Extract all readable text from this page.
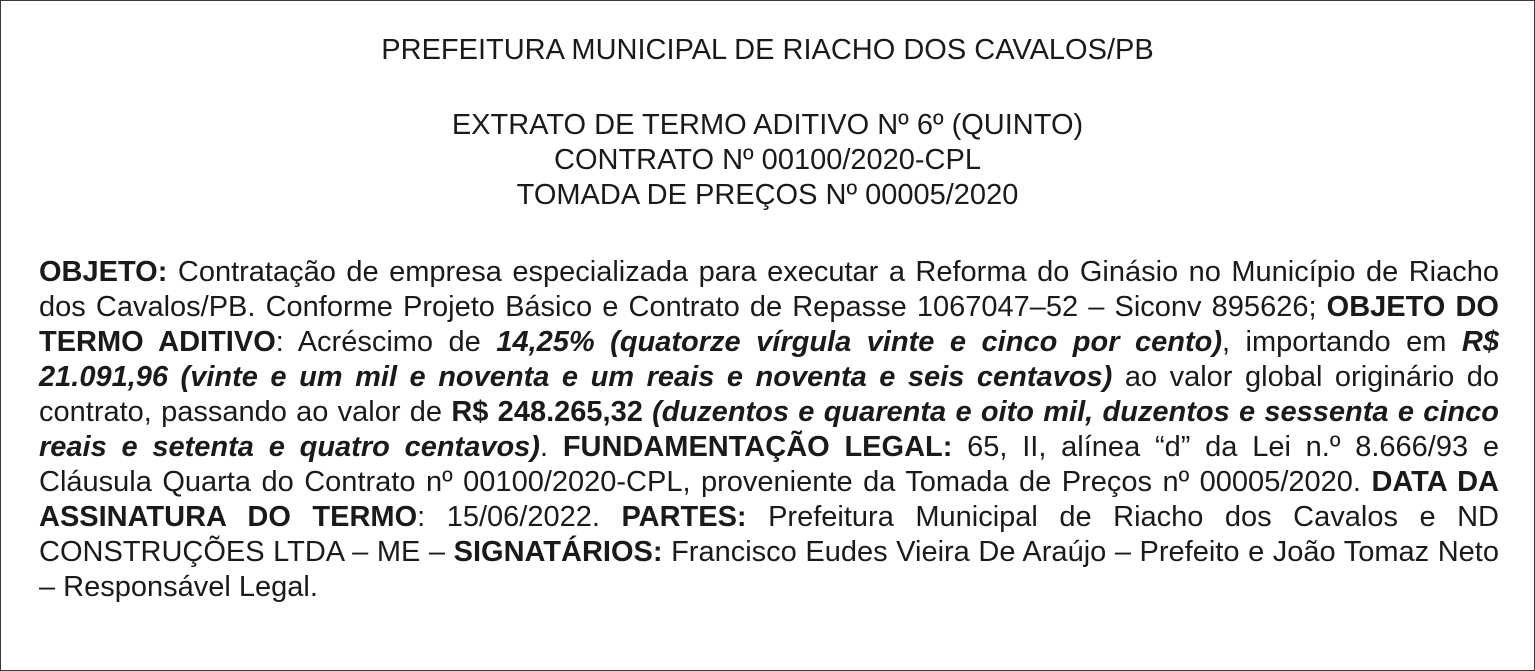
PREFEITURA MUNICIPAL DE RIACHO DOS CAVALOS/PB
EXTRATO DE TERMO ADITIVO Nº 6º (QUINTO)
CONTRATO Nº 00100/2020-CPL
TOMADA DE PREÇOS Nº 00005/2020
OBJETO: Contratação de empresa especializada para executar a Reforma do Ginásio no Município de Riacho dos Cavalos/PB. Conforme Projeto Básico e Contrato de Repasse 1067047–52 – Siconv 895626; OBJETO DO TERMO ADITIVO: Acréscimo de 14,25% (quatorze vírgula vinte e cinco por cento), importando em R$ 21.091,96 (vinte e um mil e noventa e um reais e noventa e seis centavos) ao valor global originário do contrato, passando ao valor de R$ 248.265,32 (duzentos e quarenta e oito mil, duzentos e sessenta e cinco reais e setenta e quatro centavos). FUNDAMENTAÇÃO LEGAL: 65, II, alínea “d” da Lei n.º 8.666/93 e Cláusula Quarta do Contrato nº 00100/2020-CPL, proveniente da Tomada de Preços nº 00005/2020. DATA DA ASSINATURA DO TERMO: 15/06/2022. PARTES: Prefeitura Municipal de Riacho dos Cavalos e ND CONSTRUÇÕES LTDA – ME – SIGNATÁRIOS: Francisco Eudes Vieira De Araújo – Prefeito e João Tomaz Neto – Responsável Legal.
